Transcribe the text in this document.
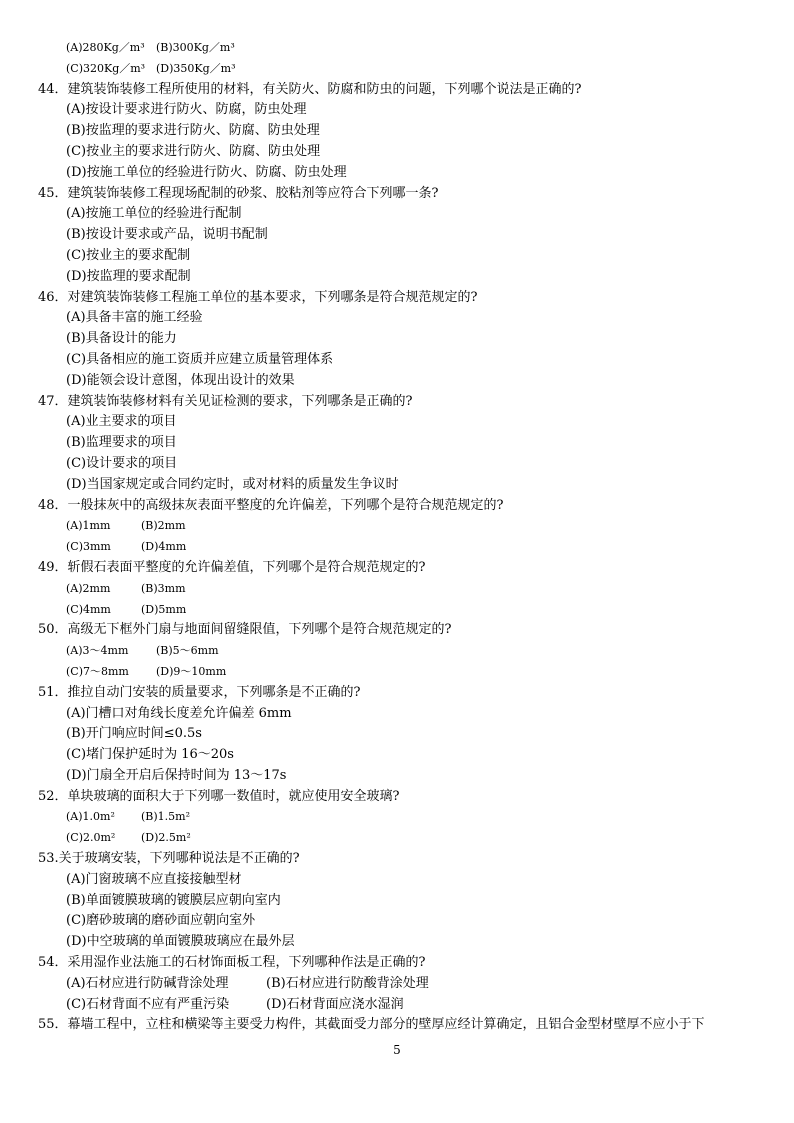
(A)280Kg／m³	(B)300Kg／m³
(C)320Kg／m³ (D)350Kg／m³
44．建筑装饰装修工程所使用的材料，有关防火、防腐和防虫的问题，下列哪个说法是正确的?
(A)按设计要求进行防火、防腐，防虫处理
(B)按监理的要求进行防火、防腐、防虫处理
(C)按业主的要求进行防火、防腐、防虫处理
(D)按施工单位的经验进行防火、防腐、防虫处理
45．建筑装饰装修工程现场配制的砂浆、胶粘剂等应符合下列哪一条?
(A)按施工单位的经验进行配制
(B)按设计要求或产品，说明书配制
(C)按业主的要求配制
(D)按监理的要求配制
46．对建筑装饰装修工程施工单位的基本要求，下列哪条是符合规范规定的?
(A)具备丰富的施工经验
(B)具备设计的能力
(C)具备相应的施工资质并应建立质量管理体系
(D)能领会设计意图，体现出设计的效果
47．建筑装饰装修材料有关见证检测的要求，下列哪条是正确的?
(A)业主要求的项目
(B)监理要求的项目
(C)设计要求的项目
(D)当国家规定或合同约定时，或对材料的质量发生争议时
48．一般抹灰中的高级抹灰表面平整度的允许偏差，下列哪个是符合规范规定的?
(A)1mm	(B)2mm
(C)3mm	(D)4mm
49．斩假石表面平整度的允许偏差值，下列哪个是符合规范规定的?
(A)2mm	(B)3mm
(C)4mm	(D)5mm
50．高级无下框外门扇与地面间留缝限值，下列哪个是符合规范规定的?
(A)3～4mm	(B)5～6mm
(C)7～8mm	(D)9～10mm
51．推拉自动门安装的质量要求，下列哪条是不正确的?
(A)门槽口对角线长度差允许偏差 6mm
(B)开门响应时间≤0.5s
(C)堵门保护延时为 16～20s
(D)门扇全开启后保持时间为 13～17s
52．单块玻璃的面积大于下列哪一数值时，就应使用安全玻璃?
(A)1.0m²	(B)1.5m²
(C)2.0m²	(D)2.5m²
53.关于玻璃安装，下列哪种说法是不正确的?
(A)门窗玻璃不应直接接触型材
(B)单面镀膜玻璃的镀膜层应朝向室内
(C)磨砂玻璃的磨砂面应朝向室外
(D)中空玻璃的单面镀膜玻璃应在最外层
54．采用湿作业法施工的石材饰面板工程，下列哪种作法是正确的?
(A)石材应进行防碱背涂处理	(B)石材应进行防酸背涂处理
(C)石材背面不应有严重污染	(D)石材背面应浇水湿润
55．幕墙工程中，立柱和横梁等主要受力构件，其截面受力部分的壁厚应经计算确定，且铝合金型材壁厚不应小于下
5
